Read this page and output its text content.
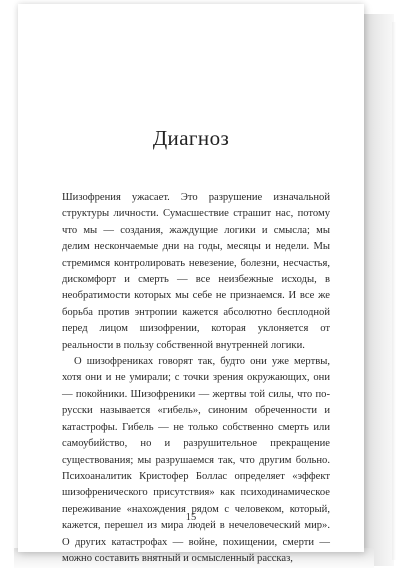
Диагноз

Шизофрения ужасает. Это разрушение изначальной структуры личности. Сумасшествие страшит нас, потому что мы — создания, жаждущие логики и смысла; мы делим нескончаемые дни на годы, месяцы и недели. Мы стремимся контролировать невезение, болезни, несчастья, дискомфорт и смерть — все неизбежные исходы, в необратимости которых мы себе не признаемся. И все же борьба против энтропии кажется абсолютно бесплодной перед лицом шизофрении, которая уклоняется от реальности в пользу собственной внутренней логики.

О шизофрениках говорят так, будто они уже мертвы, хотя они и не умирали; с точки зрения окружающих, они — покойники. Шизофреники — жертвы той силы, что по-русски называется «гибель», синоним обреченности и катастрофы. Гибель — не только собственно смерть или самоубийство, но и разрушительное прекращение существования; мы разрушаемся так, что другим больно. Психоаналитик Кристофер Боллас определяет «эффект шизофренического присутствия» как психодинамическое переживание «нахождения рядом с человеком, который, кажется, перешел из мира людей в нечеловеческий мир». О других катастрофах — войне, похищении, смерти — можно составить внятный и осмысленный рассказ,

15
